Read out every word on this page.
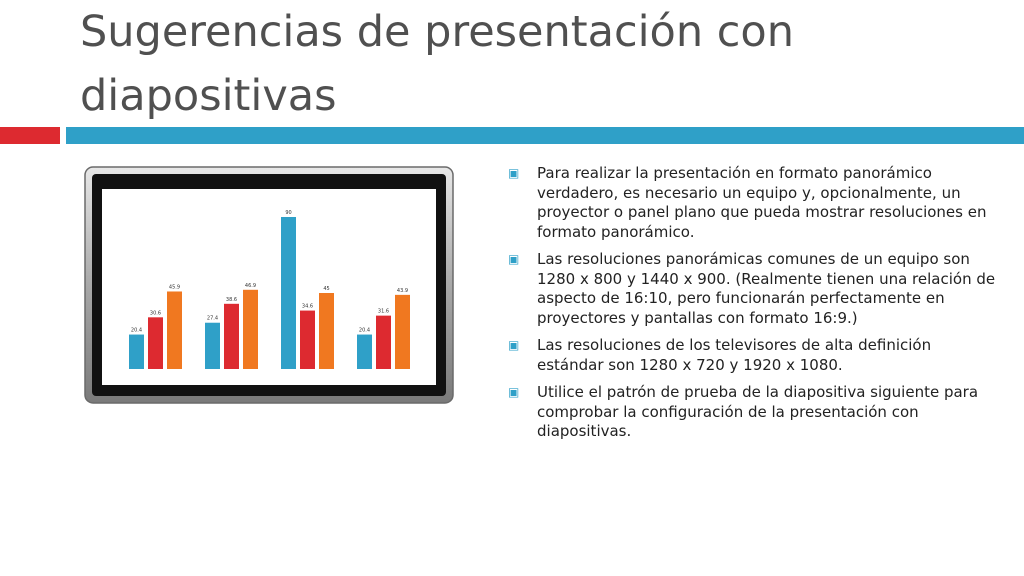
Sugerencias de presentación con diapositivas
20.4
30.6
45.9
27.4
38.6
46.9
90
34.6
45
20.4
31.6
43.9
▣ Para realizar la presentación en formato panorámico verdadero, es necesario un equipo y, opcionalmente, un proyector o panel plano que pueda mostrar resoluciones en formato panorámico.
▣ Las resoluciones panorámicas comunes de un equipo son 1280 x 800 y 1440 x 900. (Realmente tienen una relación de aspecto de 16:10, pero funcionarán perfectamente en proyectores y pantallas con formato 16:9.)
▣ Las resoluciones de los televisores de alta definición estándar son 1280 x 720 y 1920 x 1080.
▣ Utilice el patrón de prueba de la diapositiva siguiente para comprobar la configuración de la presentación con diapositivas.
